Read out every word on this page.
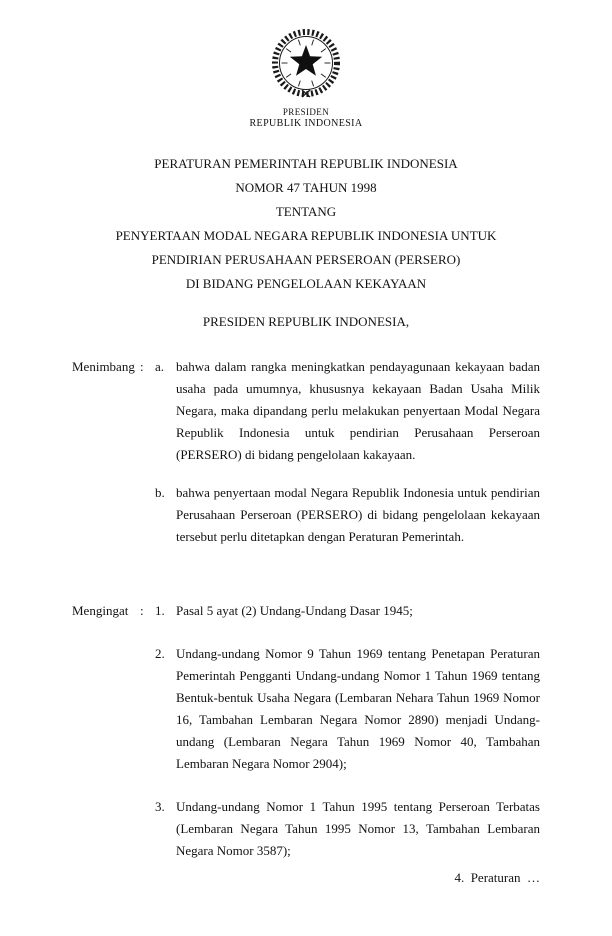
PRESIDEN
REPUBLIK INDONESIA
PERATURAN PEMERINTAH REPUBLIK INDONESIA
NOMOR 47 TAHUN 1998
TENTANG
PENYERTAAN MODAL NEGARA REPUBLIK INDONESIA UNTUK
PENDIRIAN PERUSAHAAN PERSEROAN (PERSERO)
DI BIDANG PENGELOLAAN KEKAYAAN
PRESIDEN REPUBLIK INDONESIA,
Menimbang : a. bahwa dalam rangka meningkatkan pendayagunaan kekayaan badan usaha pada umumnya, khususnya kekayaan Badan Usaha Milik Negara, maka dipandang perlu melakukan penyertaan Modal Negara Republik Indonesia untuk pendirian Perusahaan Perseroan (PERSERO) di bidang pengelolaan kakayaan.
b. bahwa penyertaan modal Negara Republik Indonesia untuk pendirian Perusahaan Perseroan (PERSERO) di bidang pengelolaan kekayaan tersebut perlu ditetapkan dengan Peraturan Pemerintah.
Mengingat : 1. Pasal 5 ayat (2) Undang-Undang Dasar 1945;
2. Undang-undang Nomor 9 Tahun 1969 tentang Penetapan Peraturan Pemerintah Pengganti Undang-undang Nomor 1 Tahun 1969 tentang Bentuk-bentuk Usaha Negara (Lembaran Nehara Tahun 1969 Nomor 16, Tambahan Lembaran Negara Nomor 2890) menjadi Undang-undang (Lembaran Negara Tahun 1969 Nomor 40, Tambahan Lembaran Negara Nomor 2904);
3. Undang-undang Nomor 1 Tahun 1995 tentang Perseroan Terbatas (Lembaran Negara Tahun 1995 Nomor 13, Tambahan Lembaran Negara Nomor 3587);
4.  Peraturan  …
